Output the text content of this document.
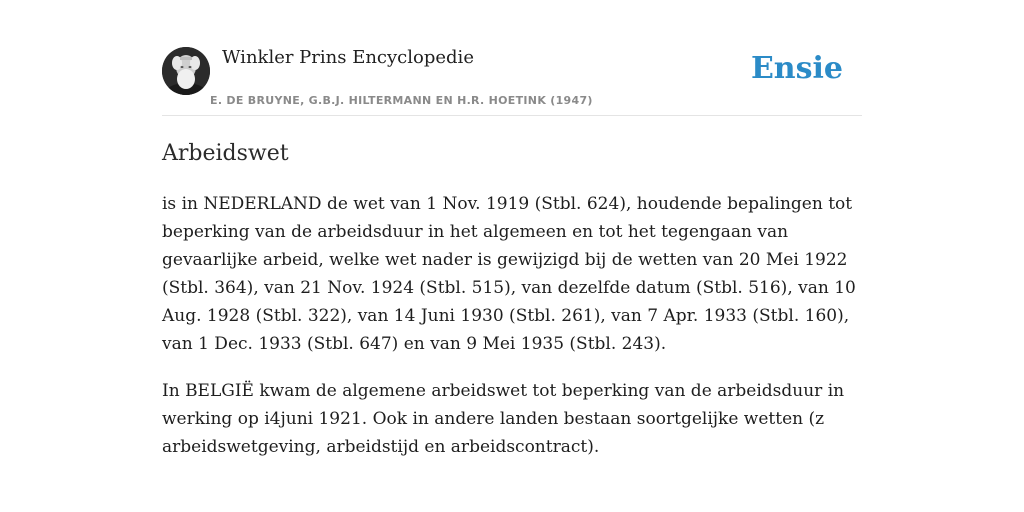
Winkler Prins Encyclopedie
E. DE BRUYNE, G.B.J. HILTERMANN EN H.R. HOETINK (1947)
Ensie
Arbeidswet

is in NEDERLAND de wet van 1 Nov. 1919 (Stbl. 624), houdende bepalingen tot beperking van de arbeidsduur in het algemeen en tot het tegengaan van gevaarlijke arbeid, welke wet nader is gewijzigd bij de wetten van 20 Mei 1922 (Stbl. 364), van 21 Nov. 1924 (Stbl. 515), van dezelfde datum (Stbl. 516), van 10 Aug. 1928 (Stbl. 322), van 14 Juni 1930 (Stbl. 261), van 7 Apr. 1933 (Stbl. 160), van 1 Dec. 1933 (Stbl. 647) en van 9 Mei 1935 (Stbl. 243).

In BELGIË kwam de algemene arbeidswet tot beperking van de arbeidsduur in werking op i4juni 1921. Ook in andere landen bestaan soortgelijke wetten (z arbeidswetgeving, arbeidstijd en arbeidscontract).
